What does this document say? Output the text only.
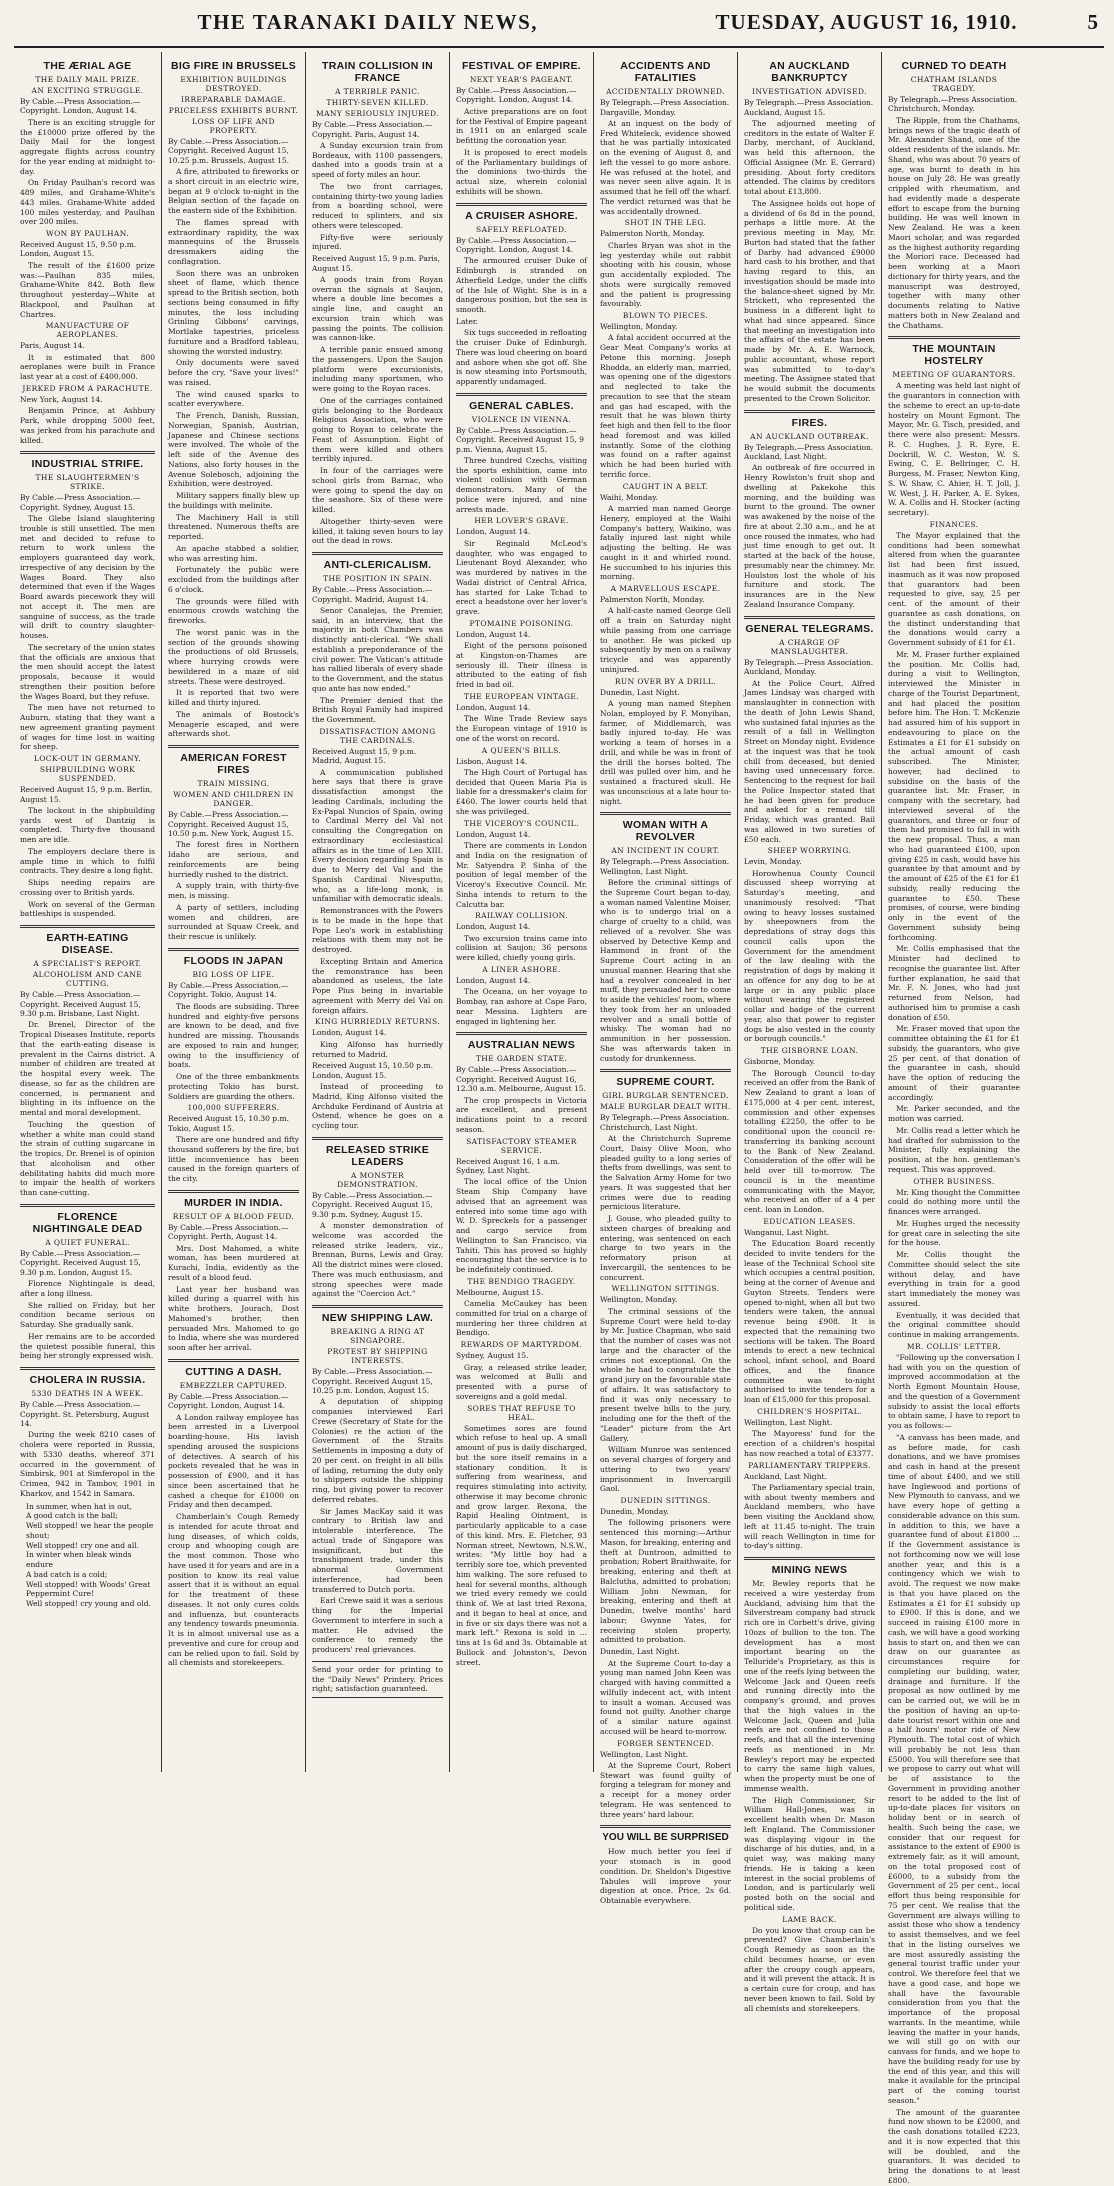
THE TARANAKI DAILY NEWS,	TUESDAY, AUGUST 16, 1910.	5
THE ÆRIAL AGE
THE DAILY MAIL PRIZE.
AN EXCITING STRUGGLE.
By Cable.—Press Association.—Copyright. London, August 14.

There is an exciting struggle for the £10000 prize offered by the Daily Mail for the longest aggregate flights across country for the year ending at midnight to-day.

On Friday Paulhan's record was 489 miles, and Grahame-White's 443 miles. Grahame-White added 100 miles yesterday, and Paulhan over 200 miles.

WON BY PAULHAN.
Received August 15, 9.50 p.m. London, August 15.

The result of the £1600 prize was:—Paulhan 835 miles, Grahame-White 842. Both flew throughout yesterday—White at Blackpool, and Paulhan at Chartres.

MANUFACTURE OF AEROPLANES.
Paris, August 14.

It is estimated that 800 aeroplanes were built in France last year at a cost of £400,000.

JERKED FROM A PARACHUTE.
New York, August 14.

Benjamin Prince, at Ashbury Park, while dropping 5000 feet, was jerked from his parachute and killed.

INDUSTRIAL STRIFE.
THE SLAUGHTERMEN'S STRIKE.
By Cable.—Press Association.—Copyright. Sydney, August 15.

The Glebe Island slaughtering trouble is still unsettled. The men met and decided to refuse to return to work unless the employers guaranteed day work, irrespective of any decision by the Wages Board. They also determined that even if the Wages Board awards piecework they will not accept it. The men are sanguine of success, as the trade will drift to country slaughter-houses.

The secretary of the union states that the officials are anxious that the men should accept the latest proposals, because it would strengthen their position before the Wages Board, but they refuse.

The men have not returned to Auburn, stating that they want a new agreement granting payment of wages for time lost in waiting for sheep.

LOCK-OUT IN GERMANY.
SHIPBUILDING WORK SUSPENDED.
Received August 15, 9 p.m. Berlin, August 15.

The lockout in the shipbuilding yards west of Dantzig is completed. Thirty-five thousand men are idle.

The employers declare there is ample time in which to fulfil contracts. They desire a long fight.

Ships needing repairs are crossing over to British yards.

Work on several of the German battleships is suspended.

EARTH-EATING DISEASE.
A SPECIALIST'S REPORT.
ALCOHOLISM AND CANE CUTTING.
By Cable.—Press Association.—Copyright. Received August 15, 9.30 p.m. Brisbane, Last Night.

Dr. Brenel, Director of the Tropical Diseases Institute, reports that the earth-eating disease is prevalent in the Cairns district. A number of children are treated at the hospital every week. The disease, so far as the children are concerned, is permanent and blighting in its influence on the mental and moral development.

Touching the question of whether a white man could stand the strain of cutting sugarcane in the tropics, Dr. Brenel is of opinion that alcoholism and other debilitating habits did much more to impair the health of workers than cane-cutting.

FLORENCE NIGHTINGALE DEAD
A QUIET FUNERAL.
By Cable.—Press Association.—Copyright. Received August 15, 9.30 p.m. London, August 15.

Florence Nightingale is dead, after a long illness.

She rallied on Friday, but her condition became serious on Saturday. She gradually sank.

Her remains are to be accorded the quietest possible funeral, this being her strongly expressed wish.

CHOLERA IN RUSSIA.
5330 DEATHS IN A WEEK.
By Cable.—Press Association.—Copyright. St. Petersburg, August 14.

During the week 8210 cases of cholera were reported in Russia, with 5330 deaths, whereof 371 occurred in the government of Simbirsk, 901 at Simferopol in the Crimea, 942 in Tambov, 1901 in Kharkov, and 1542 in Samara.

In summer, when hat is out,
A good catch is the ball;
Well stopped! we hear the people shout;
Well stopped! cry one and all.
In winter when bleak winds endure
A bad catch is a cold;
Well stopped! with Woods' Great Peppermint Cure!
Well stopped! cry young and old.
BIG FIRE IN BRUSSELS
EXHIBITION BUILDINGS DESTROYED.
IRREPARABLE DAMAGE.
PRICELESS EXHIBITS BURNT.
LOSS OF LIFE AND PROPERTY.
By Cable.—Press Association.—Copyright. Received August 15, 10.25 p.m. Brussels, August 15.

A fire, attributed to fireworks or a short circuit in an electric wire, began at 9 o'clock to-night in the Belgian section of the façade on the eastern side of the Exhibition.

The flames spread with extraordinary rapidity, the wax mannequins of the Brussels dressmakers aiding the conflagration.

Soon there was an unbroken sheet of flame, which thence spread to the British section, both sections being consumed in fifty minutes, the loss including Grinling Gibbons' carvings, Mortlake tapestries, priceless furniture and a Bradford tableau, showing the worsted industry.

Only documents were saved before the cry, "Save your lives!" was raised.

The wind caused sparks to scatter everywhere.

The French, Danish, Russian, Norwegian, Spanish, Austrian, Japanese and Chinese sections were involved. The whole of the left side of the Avenue des Nations, also forty houses in the Avenue Solebosch, adjoining the Exhibition, were destroyed.

Military sappers finally blew up the buildings with melinite.

The Machinery Hall is still threatened. Numerous thefts are reported.

An apache stabbed a soldier, who was arresting him.

Fortunately the public were excluded from the buildings after 6 o'clock.

The grounds were filled with enormous crowds watching the fireworks.

The worst panic was in the section of the grounds showing the productions of old Brussels, where hurrying crowds were bewildered in a maze of old streets. These were destroyed.

It is reported that two were killed and thirty injured.

The animals of Bostock's Menagerie escaped, and were afterwards shot.

AMERICAN FOREST FIRES
TRAIN MISSING.
WOMEN AND CHILDREN IN DANGER.
By Cable.—Press Association.—Copyright. Received August 15, 10.50 p.m. New York, August 15.

The forest fires in Northern Idaho are serious, and reinforcements are being hurriedly rushed to the district.

A supply train, with thirty-five men, is missing.

A party of settlers, including women and children, are surrounded at Squaw Creek, and their rescue is unlikely.

FLOODS IN JAPAN
BIG LOSS OF LIFE.
By Cable.—Press Association.—Copyright. Tokio, August 14.

The floods are subsiding. Three hundred and eighty-five persons are known to be dead, and five hundred are missing. Thousands are exposed to rain and hunger, owing to the insufficiency of boats.

One of the three embankments protecting Tokio has burst. Soldiers are guarding the others.

100,000 SUFFERERS.
Received August 15, 10.30 p.m. Tokio, August 15.

There are one hundred and fifty thousand sufferers by the fire, but little inconvenience has been caused in the foreign quarters of the city.

MURDER IN INDIA.
RESULT OF A BLOOD FEUD.
By Cable.—Press Association.—Copyright. Perth, August 14.

Mrs. Dost Mahomed, a white woman, has been murdered at Kurachi, India, evidently as the result of a blood feud.

Last year her husband was killed during a quarrel with his white brothers, Jourach, Dost Mahomed's brother, then persuaded Mrs. Mahomed to go to India, where she was murdered soon after her arrival.

CUTTING A DASH.
EMBEZZLER CAPTURED.
By Cable.—Press Association.—Copyright. London, August 14.

A London railway employee has been arrested in a Liverpool boarding-house. His lavish spending aroused the suspicions of detectives. A search of his pockets revealed that he was in possession of £900, and it has since been ascertained that he cashed a cheque for £1000 on Friday and then decamped.

Chamberlain's Cough Remedy is intended for acute throat and lung diseases, of which colds, croup and whooping cough are the most common. Those who have used it for years and are in a position to know its real value assert that it is without an equal for the treatment of these diseases. It not only cures colds and influenza, but counteracts any tendency towards pneumonia. It is in almost universal use as a preventive and cure for croup and can be relied upon to fail. Sold by all chemists and storekeepers.

TRAIN COLLISION IN FRANCE
A TERRIBLE PANIC.
THIRTY-SEVEN KILLED.
MANY SERIOUSLY INJURED.
By Cable.—Press Association.—Copyright. Paris, August 14.

A Sunday excursion train from Bordeaux, with 1100 passengers, dashed into a goods train at a speed of forty miles an hour.

The two front carriages, containing thirty-two young ladies from a boarding school, were reduced to splinters, and six others were telescoped.

Fifty-five were seriously injured.

Received August 15, 9 p.m. Paris, August 15.

A goods train from Royan overran the signals at Saujon, where a double line becomes a single line, and caught an excursion train which was passing the points. The collision was cannon-like.

A terrible panic ensued among the passengers. Upon the Saujon platform were excursionists, including many sportsmen, who were going to the Royan races.

One of the carriages contained girls belonging to the Bordeaux Religious Association, who were going to Royan to celebrate the Feast of Assumption. Eight of them were killed and others terribly injured.

In four of the carriages were school girls from Barnac, who were going to spend the day on the seashore. Six of these were killed.

Altogether thirty-seven were killed, it taking seven hours to lay out the dead in rows.

ANTI-CLERICALISM.
THE POSITION IN SPAIN.
By Cable.—Press Association.—Copyright. Madrid, August 14.

Senor Canalejas, the Premier, said, in an interview, that the majority in both Chambers was distinctly anti-clerical. "We shall establish a preponderance of the civil power. The Vatican's attitude has rallied liberals of every shade to the Government, and the status quo ante has now ended."

The Premier denied that the British Royal Family had inspired the Government.

DISSATISFACTION AMONG THE CARDINALS.
Received August 15, 9 p.m. Madrid, August 15.

A communication published here says that there is grave dissatisfaction amongst the leading Cardinals, including the Ex-Papal Nuncios of Spain, owing to Cardinal Merry del Val not consulting the Congregation on extraordinary ecclesiastical affairs as in the time of Leo XIII. Every decision regarding Spain is due to Merry del Val and the Spanish Cardinal Nivesputto, who, as a life-long monk, is unfamiliar with democratic ideals.

Remonstrances with the Powers is to be made in the hope that Pope Leo's work in establishing relations with them may not be destroyed.

Excepting Britain and America the remonstrance has been abandoned as useless, the late Pope Pius being in invariable agreement with Merry del Val on foreign affairs.

KING HURRIEDLY RETURNS.
London, August 14.

King Alfonso has hurriedly returned to Madrid.

Received August 15, 10.50 p.m. London, August 15.

Instead of proceeding to Madrid, King Alfonso visited the Archduke Ferdinand of Austria at Ostend, whence he goes on a cycling tour.

RELEASED STRIKE LEADERS
A MONSTER DEMONSTRATION.
By Cable.—Press Association.—Copyright. Received August 15, 9.30 p.m. Sydney, August 15.

A monster demonstration of welcome was accorded the released strike leaders, viz., Brennan, Burns, Lewis and Gray. All the district mines were closed. There was much enthusiasm, and strong speeches were made against the "Coercion Act."

NEW SHIPPING LAW.
BREAKING A RING AT SINGAPORE.
PROTEST BY SHIPPING INTERESTS.
By Cable.—Press Association.—Copyright. Received August 15, 10.25 p.m. London, August 15.

A deputation of shipping companies interviewed Earl Crewe (Secretary of State for the Colonies) re the action of the Government of the Straits Settlements in imposing a duty of 20 per cent. on freight in all bills of lading, returning the duty only to shippers outside the shipping ring, but giving power to recover deferred rebates.

Sir James MacKay said it was contrary to British law and intolerable interference. The actual trade of Singapore was insignificant, but the transhipment trade, under this abnormal Government interference, had been transferred to Dutch ports.

Earl Crewe said it was a serious thing for the Imperial Government to interfere in such a matter. He advised the conference to remedy the producers' real grievances.

Send your order for printing to the "Daily News" Printery. Prices right; satisfaction guaranteed.
FESTIVAL OF EMPIRE.
NEXT YEAR'S PAGEANT.
By Cable.—Press Association.—Copyright. London, August 14.

Active preparations are on foot for the Festival of Empire pageant in 1911 on an enlarged scale befitting the coronation year.

It is proposed to erect models of the Parliamentary buildings of the dominions two-thirds the actual size, wherein colonial exhibits will be shown.

A CRUISER ASHORE.
SAFELY REFLOATED.
By Cable.—Press Association.—Copyright. London, August 14.

The armoured cruiser Duke of Edinburgh is stranded on Atherfield Ledge, under the cliffs of the Isle of Wight. She is in a dangerous position, but the sea is smooth.

Later.

Six tugs succeeded in refloating the cruiser Duke of Edinburgh. There was loud cheering on board and ashore when she got off. She is now steaming into Portsmouth, apparently undamaged.

GENERAL CABLES.
VIOLENCE IN VIENNA.
By Cable.—Press Association.—Copyright. Received August 15, 9 p.m. Vienna, August 15.

Three hundred Czechs, visiting the sports exhibition, came into violent collision with German demonstrators. Many of the police were injured, and nine arrests made.

HER LOVER'S GRAVE.
London, August 14.

Sir Reginald McLeod's daughter, who was engaged to Lieutenant Boyd Alexander, who was murdered by natives in the Wadai district of Central Africa, has started for Lake Tchad to erect a headstone over her lover's grave.

PTOMAINE POISONING.
London, August 14.

Eight of the persons poisoned at Kingston-on-Thames are seriously ill. Their illness is attributed to the eating of fish fried in bad oil.

THE EUROPEAN VINTAGE.
London, August 14.

The Wine Trade Review says the European vintage of 1910 is one of the worst on record.

A QUEEN'S BILLS.
Lisbon, August 14.

The High Court of Portugal has decided that Queen Maria Pia is liable for a dressmaker's claim for £460. The lower courts held that she was privileged.

THE VICEROY'S COUNCIL.
London, August 14.

There are comments in London and India on the resignation of Mr. Satyendra P. Sinha of the position of legal member of the Viceroy's Executive Council. Mr. Sinha intends to return to the Calcutta bar.

RAILWAY COLLISION.
London, August 14.

Two excursion trains came into collision at Saujon; 36 persons were killed, chiefly young girls.

A LINER ASHORE.
London, August 14.

The Oceana, on her voyage to Bombay, ran ashore at Cape Faro, near Messina. Lighters are engaged in lightening her.

AUSTRALIAN NEWS
THE GARDEN STATE.
By Cable.—Press Association.—Copyright. Received August 16, 12.30 a.m. Melbourne, August 15.

The crop prospects in Victoria are excellent, and present indications point to a record season.

SATISFACTORY STEAMER SERVICE.
Received August 16, 1 a.m. Sydney, Last Night.

The local office of the Union Steam Ship Company have advised that an agreement was entered into some time ago with W. D. Spreckels for a passenger and cargo service from Wellington to San Francisco, via Tahiti. This has proved so highly encouraging that the service is to be indefinitely continued.

THE BENDIGO TRAGEDY.
Melbourne, August 15.

Camelia McCaukey has been committed for trial on a charge of murdering her three children at Bendigo.

REWARDS OF MARTYRDOM.
Sydney, August 15.

Gray, a released strike leader, was welcomed at Bulli and presented with a purse of sovereigns and a gold medal.

SORES THAT REFUSE TO HEAL.

Sometimes sores are found which refuse to heal up. A small amount of pus is daily discharged, but the sore itself remains in a stationary condition. It is suffering from weariness, and requires stimulating into activity, otherwise it may become chronic and grow larger. Rexona, the Rapid Healing Ointment, is particularly applicable to a case of this kind. Mrs. E. Fletcher, 93 Norman street, Newtown, N.S.W., writes: "My little boy had a terribly sore toe, which prevented him walking. The sore refused to heal for several months, although we tried every remedy we could think of. We at last tried Rexona, and it began to heal at once, and in five or six days there was not a mark left." Rexona is sold in ... tins at 1s 6d and 3s. Obtainable at Bullock and Johnston's, Devon street.

ACCIDENTS AND FATALITIES
ACCIDENTALLY DROWNED.
By Telegraph.—Press Association. Dargaville, Monday.

At an inquest on the body of Fred Whiteleck, evidence showed that he was partially intoxicated on the evening of August 8, and left the vessel to go more ashore. He was refused at the hotel, and was never seen alive again. It is assumed that he fell off the wharf. The verdict returned was that he was accidentally drowned.

SHOT IN THE LEG.
Palmerston North, Monday.

Charles Bryan was shot in the leg yesterday while out rabbit shooting with his cousin, whose gun accidentally exploded. The shots were surgically removed and the patient is progressing favourably.

BLOWN TO PIECES.
Wellington, Monday.

A fatal accident occurred at the Gear Meat Company's works at Petone this morning. Joseph Rhodda, an elderly man, married, was opening one of the digestors and neglected to take the precaution to see that the steam and gas had escaped, with the result that he was blown thirty feet high and then fell to the floor head foremost and was killed instantly. Some of the clothing was found on a rafter against which he had been hurled with terrific force.

CAUGHT IN A BELT.
Waihi, Monday.

A married man named George Henery, employed at the Waihi Company's battery, Waikino, was fatally injured last night while adjusting the belting. He was caught in it and whirled round. He succumbed to his injuries this morning.

A MARVELLOUS ESCAPE.
Palmerston North, Monday.

A half-caste named George Gell off a train on Saturday night while passing from one carriage to another. He was picked up subsequently by men on a railway tricycle and was apparently uninjured.

RUN OVER BY A DRILL.
Dunedin, Last Night.

A young man named Stephen Nolan, employed by F. Monyihan, farmer, of Middlemarch, was badly injured to-day. He was working a team of horses in a drill, and while he was in front of the drill the horses bolted. The drill was pulled over him, and he sustained a fractured skull. He was unconscious at a late hour to-night.

WOMAN WITH A REVOLVER
AN INCIDENT IN COURT.
By Telegraph.—Press Association. Wellington, Last Night.

Before the criminal sittings of the Supreme Court began to-day, a woman named Valentine Moiser, who is to undergo trial on a charge of cruelty to a child, was relieved of a revolver. She was observed by Detective Kemp and Hammond in front of the Supreme Court acting in an unusual manner. Hearing that she had a revolver concealed in her muff, they persuaded her to come to aside the vehicles' room, where they took from her an unloaded revolver and a small bottle of whisky. The woman had no ammunition in her possession. She was afterwards taken in custody for drunkenness.

SUPREME COURT.
GIRL BURGLAR SENTENCED.
MALE BURGLAR DEALT WITH.
By Telegraph.—Press Association. Christchurch, Last Night.

At the Christchurch Supreme Court, Daisy Olive Moon, who pleaded guilty to a long series of thefts from dwellings, was sent to the Salvation Army Home for two years. It was suggested that her crimes were due to reading pernicious literature.

J. Gouse, who pleaded guilty to sixteen charges of breaking and entering, was sentenced on each charge to two years in the reformatory prison at Invercargill, the sentences to be concurrent.

WELLINGTON SITTINGS.
Wellington, Monday.

The criminal sessions of the Supreme Court were held to-day by Mr. Justice Chapman, who said that the number of cases was not large and the character of the crimes not exceptional. On the whole he had to congratulate the grand jury on the favourable state of affairs. It was satisfactory to find it was only necessary to present twelve bills to the jury, including one for the theft of the "Leader" picture from the Art Gallery.

William Munroe was sentenced on several charges of forgery and uttering to two years' imprisonment in Invercargill Gaol.

DUNEDIN SITTINGS.
Dunedin, Monday.

The following prisoners were sentenced this morning:—Arthur Mason, for breaking, entering and theft at Duntroon, admitted to probation; Robert Braithwaite, for breaking, entering and theft at Balclutha, admitted to probation; William John Newman, for breaking, entering and theft at Dunedin, twelve months' hard labour; Gwynne Yates, for receiving stolen property, admitted to probation.

Dunedin, Last Night.

At the Supreme Court to-day a young man named John Keen was charged with having committed a wilfully indecent act, with intent to insult a woman. Accused was found not guilty. Another charge of a similar nature against accused will be heard to-morrow.

FORGER SENTENCED.
Wellington, Last Night.

At the Supreme Court, Robert Stewart was found guilty of forging a telegram for money and a receipt for a money order telegram. He was sentenced to three years' hard labour.

YOU WILL BE SURPRISED

How much better you feel if your stomach is in good condition. Dr. Sheldon's Digestive Tabules will improve your digestion at once. Price, 2s 6d. Obtainable everywhere.

AN AUCKLAND BANKRUPTCY
INVESTIGATION ADVISED.
By Telegraph.—Press Association. Auckland, August 15.

The adjourned meeting of creditors in the estate of Walter F. Darby, merchant, of Auckland, was held this afternoon, the Official Assignee (Mr. E. Gerrard) presiding. About forty creditors attended. The claims by creditors total about £13,800.

The Assignee holds out hope of a dividend of 6s 8d in the pound, perhaps a little more. At the previous meeting in May, Mr. Burton had stated that the father of Darby had advanced £9000 hard cash to his brother, and that having regard to this, an investigation should be made into the balance-sheet signed by Mr. Strickett, who represented the business in a different light to what had since appeared. Since that meeting an investigation into the affairs of the estate has been made by Mr. A. E. Warnock, public accountant, whose report was submitted to to-day's meeting. The Assignee stated that he would submit the documents presented to the Crown Solicitor.

FIRES.
AN AUCKLAND OUTBREAK.
By Telegraph.—Press Association. Auckland, Last Night.

An outbreak of fire occurred in Henry Rowlston's fruit shop and dwelling at Pakekohe this morning, and the building was burnt to the ground. The owner was awakened by the noise of the fire at about 2.30 a.m., and he at once roused the inmates, who had just time enough to get out. It started at the back of the house, presumably near the chimney. Mr. Houlston lost the whole of his furniture and stock. The insurances are in the New Zealand Insurance Company.

GENERAL TELEGRAMS.
A CHARGE OF MANSLAUGHTER.
By Telegraph.—Press Association. Auckland, Monday.

At the Police Court, Alfred James Lindsay was charged with manslaughter in connection with the death of John Lewis Shand, who sustained fatal injuries as the result of a fall in Wellington Street on Monday night. Evidence at the inquest was that he took chill from deceased, but denied having used unnecessary force. Sentencing to the request for bail the Police Inspector stated that he had been given for produce and asked for a remand till Friday, which was granted. Bail was allowed in two sureties of £50 each.

SHEEP WORRYING.
Levin, Monday.

Horowhenua County Council discussed sheep worrying at Saturday's meeting, and unanimously resolved: "That owing to heavy losses sustained by sheepowners from the depredations of stray dogs this council calls upon the Government for the amendment of the law dealing with the registration of dogs by making it an offence for any dog to be at large or in any public place without wearing the registered collar and badge of the current year, also that power to register dogs be also vested in the county or borough councils."

THE GISBORNE LOAN.
Gisborne, Monday.

The Borough Council to-day received an offer from the Bank of New Zealand to grant a loan of £175,000 at 4 per cent. interest, commission and other expenses totalling £2250, the offer to be conditional upon the council re-transferring its banking account to the Bank of New Zealand. Consideration of the offer will be held over till to-morrow. The council is in the meantime communicating with the Mayor, who received an offer of a 4 per cent. loan in London.

EDUCATION LEASES.
Wanganui, Last Night.

The Education Board recently decided to invite tenders for the lease of the Technical School site which occupies a central position, being at the corner of Avenue and Guyton Streets. Tenders were opened to-night, when all but two tenders were taken, the annual revenue being £908. It is expected that the remaining two sections will be taken. The Board intends to erect a new technical school, infant school, and Board offices, and the finance committee was to-night authorised to invite tenders for a loan of £15,000 for this proposal.

CHILDREN'S HOSPITAL.
Wellington, Last Night.

The Mayoress' fund for the erection of a children's hospital has now reached a total of £3377.

PARLIAMENTARY TRIPPERS.
Auckland, Last Night.

The Parliamentary special train, with about twenty members and Auckland members, who have been visiting the Auckland show, left at 11.45 to-night. The train will reach Wellington in time for to-day's sitting.

MINING NEWS

Mr. Bewley reports that he received a wire yesterday from Auckland, advising him that the Silverstream company had struck rich ore in Corbett's drive, giving 10ozs of bullion to the ton. The development has a most important bearing on the Telluride's Proprietary, as this is one of the reefs lying between the Welcome Jack and Queen reefs and running directly into the company's ground, and proves that the high values in the Welcome Jack, Queen and Julia reefs are not confined to those reefs, and that all the intervening reefs as mentioned in Mr. Bewley's report may be expected to carry the same high values, when the property must be one of immense wealth.

The High Commissioner, Sir William Hall-Jones, was in excellent health when Dr. Mason left England. The Commissioner was displaying vigour in the discharge of his duties, and, in a quiet way, was making many friends. He is taking a keen interest in the social problems of London, and is particularly well posted both on the social and political side.

LAME BACK.

Do you know that croup can be prevented? Give Chamberlain's Cough Remedy as soon as the child becomes hoarse, or even after the croupy cough appears, and it will prevent the attack. It is a certain cure for croup, and has never been known to fail. Sold by all chemists and storekeepers.

CURNED TO DEATH
CHATHAM ISLANDS TRAGEDY.
By Telegraph.—Press Association. Christchurch, Monday.

The Ripple, from the Chathams, brings news of the tragic death of Mr. Alexander Shand, one of the oldest residents of the islands. Mr. Shand, who was about 70 years of age, was burnt to death in his house on July 28. He was greatly crippled with rheumatism, and had evidently made a desperate effort to escape from the burning building. He was well known in New Zealand. He was a keen Maori scholar, and was regarded as the highest authority regarding the Moriori race. Deceased had been working at a Maori dictionary for thirty years, and the manuscript was destroyed, together with many other documents relating to Native matters both in New Zealand and the Chathams.

THE MOUNTAIN HOSTELRY
MEETING OF GUARANTORS.

A meeting was held last night of the guarantors in connection with the scheme to erect an up-to-date hostelry on Mount Egmont. The Mayor, Mr. G. Tisch, presided, and there were also present: Messrs. R. C. Hughes, J. R. Eyre, E. Dockrill, W. C. Weston, W. S. Ewing, C. E. Bellringer, C. H. Burgess, M. Fraser, Newton King, S. W. Shaw, C. Ahier, H. T. Joll, J. W. West, J. H. Parker, A. E. Sykes, W. A. Collis and H. Stocker (acting secretary).

FINANCES.

The Mayor explained that the conditions had been somewhat altered from when the guarantee list had been first issued, inasmuch as it was now proposed that guarantors had been requested to give, say, 25 per cent. of the amount of their guarantee as cash donations, on the distinct understanding that the donations would carry a Government subsidy of £1 for £1.

Mr. M. Fraser further explained the position. Mr. Collis had, during a visit to Wellington, interviewed the Minister in charge of the Tourist Department, and had placed the position before him. The Hon. T. McKenzie had assured him of his support in endeavouring to place on the Estimates a £1 for £1 subsidy on the actual amount of cash subscribed. The Minister, however, had declined to subsidise on the basis of the guarantee list. Mr. Fraser, in company with the secretary, had interviewed several of the guarantors, and three or four of them had promised to fall in with the new proposal. Thus, a man who had guaranteed £100, upon giving £25 in cash, would have his guarantee by that amount and by the amount of £25 of the £1 for £1 subsidy, really reducing the guarantee to £50. These promises, of course, were binding only in the event of the Government subsidy being forthcoming.

Mr. Collis emphasised that the Minister had declined to recognise the guarantee list. After further explanation, he said that Mr. F. N. Jones, who had just returned from Nelson, had authorised him to promise a cash donation of £50.

Mr. Fraser moved that upon the committee obtaining the £1 for £1 subsidy, the guarantors, who give 25 per cent. of that donation of the guarantee in cash, should have the option of reducing the amount of their guarantee accordingly.

Mr. Parker seconded, and the motion was carried.

Mr. Collis read a letter which he had drafted for submission to the Minister, fully explaining the position, at the hon. gentleman's request. This was approved.

OTHER BUSINESS.

Mr. King thought the Committee could do nothing more until the finances were arranged.

Mr. Hughes urged the necessity for great care in selecting the site for the house.

Mr. Collis thought the Committee should select the site without delay, and have everything in train for a good start immediately the money was assured.

Eventually, it was decided that the original committee should continue in making arrangements.

MR. COLLIS' LETTER.

"Following up the conversation I had with you on the question of improved accommodation at the North Egmont Mountain House, and the question of a Government subsidy to assist the local efforts to obtain same, I have to report to you as follows:—

"A canvass has been made, and as before made, for cash donations, and we have promises and cash in hand at the present time of about £400, and we still have Inglewood and portions of New Plymouth to canvass, and we have every hope of getting a considerable advance on this sum. In addition to this, we have a guarantee fund of about £1800 ... If the Government assistance is not forthcoming now we will lose another year, and this is a contingency which we wish to avoid. The request we now make is that you have placed on the Estimates a £1 for £1 subsidy up to £900. If this is done, and we succeed in raising £100 more in cash, we will have a good working basis to start on, and then we can draw on our guarantee as circumstances require for completing our building, water, drainage and furniture. If the proposal as now outlined by me can be carried out, we will be in the position of having an up-to-date tourist resort within one and a half hours' motor ride of New Plymouth. The total cost of which will probably be not less than £5000. You will therefore see that we propose to carry out what will be of assistance to the Government in providing another resort to be added to the list of up-to-date places for visitors on holiday bent or in search of health. Such being the case, we consider that our request for assistance to the extent of £900 is extremely fair, as it will amount, on the total proposed cost of £6000, to a subsidy from the Government of 25 per cent., local effort thus being responsible for 75 per cent. We realise that the Government are always willing to assist those who show a tendency to assist themselves, and we feel that in the listing ourselves we are most assuredly assisting the general tourist traffic under your control. We therefore feel that we have a good case, and hope we shall have the favourable consideration from you that the importance of the proposal warrants. In the meantime, while leaving the matter in your hands, we will still go on with our canvass for funds, and we hope to have the building ready for use by the end of this year, and this will make it available for the principal part of the coming tourist season."

The amount of the guarantee fund now shown to be £2000, and the cash donations totalled £223, and it is now expected that this will be doubled, and the guarantors. It was decided to bring the donations to at least £800.
